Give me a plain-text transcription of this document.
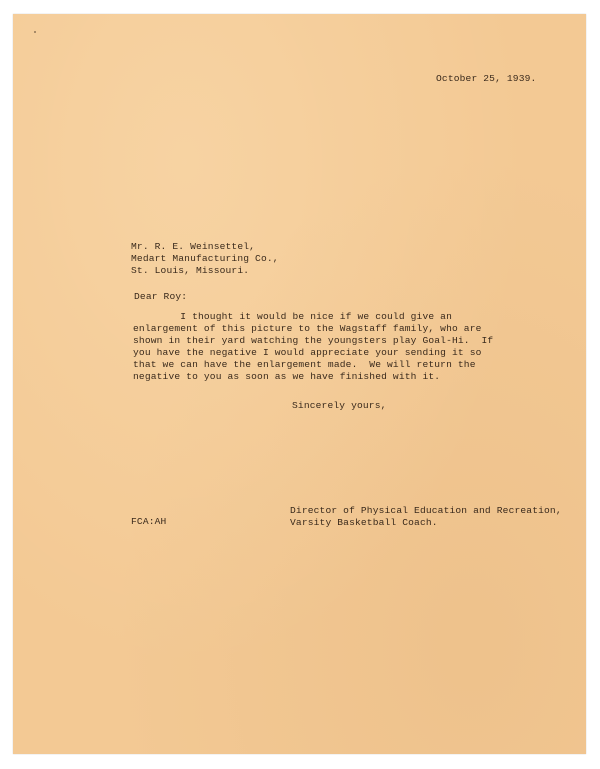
October 25, 1939.
Mr. R. E. Weinsettel,
Medart Manufacturing Co.,
St. Louis, Missouri.
Dear Roy:
I thought it would be nice if we could give an
enlargement of this picture to the Wagstaff family, who are
shown in their yard watching the youngsters play Goal-Hi.  If
you have the negative I would appreciate your sending it so
that we can have the enlargement made.  We will return the
negative to you as soon as we have finished with it.
Sincerely yours,
FCA:AH
Director of Physical Education and Recreation,
Varsity Basketball Coach.
